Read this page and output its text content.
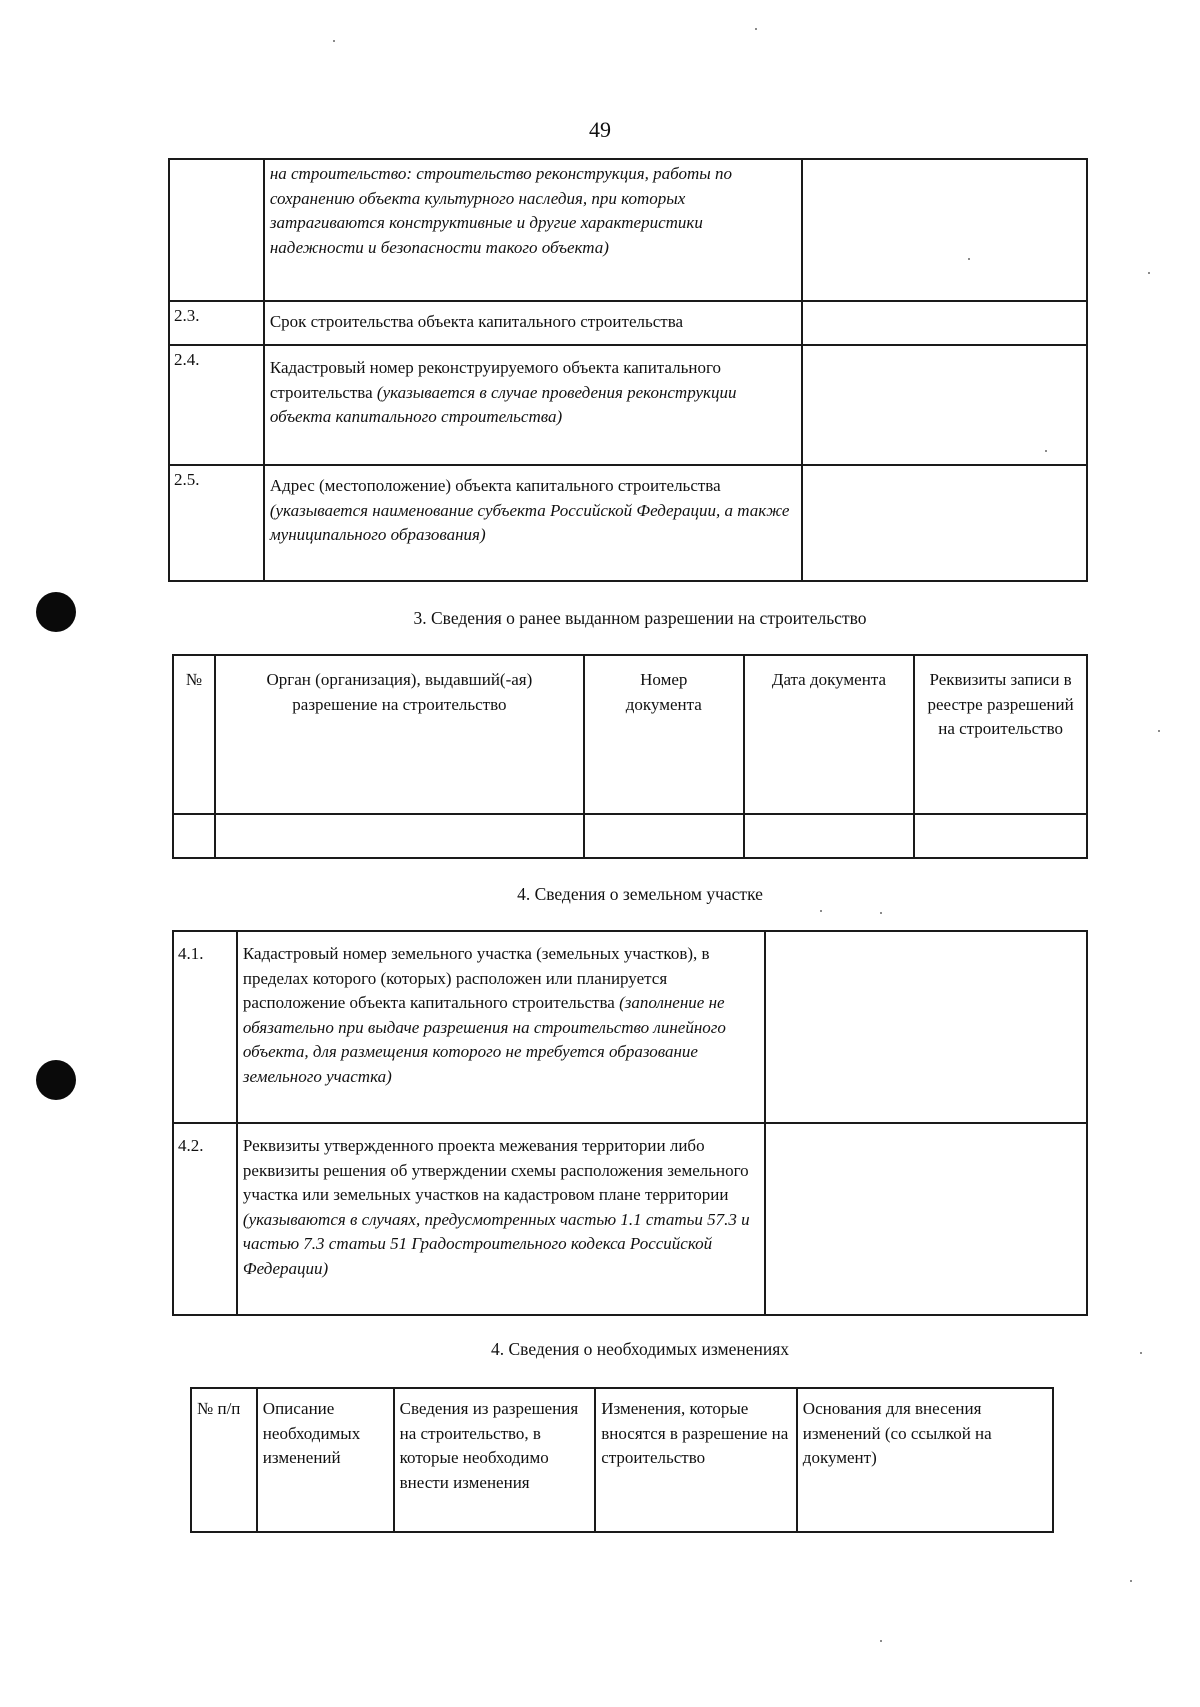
49
	на строительство: строительство реконструкция, работы по сохранению объекта культурного наследия, при которых затрагиваются конструктивные и другие характеристики надежности и безопасности такого объекта)	
2.3.	Срок строительства объекта капитального строительства	
2.4.	Кадастровый номер реконструируемого объекта капитального строительства (указывается в случае проведения реконструкции объекта капитального строительства)	
2.5.	Адрес (местоположение) объекта капитального строительства (указывается наименование субъекта Российской Федерации, а также муниципального образования)	
3. Сведения о ранее выданном разрешении на строительство
№	Орган (организация), выдавший(-ая) разрешение на строительство	Номер документа	Дата документа	Реквизиты записи в реестре разрешений на строительство

4. Сведения о земельном участке
4.1.	Кадастровый номер земельного участка (земельных участков), в пределах которого (которых) расположен или планируется расположение объекта капитального строительства (заполнение не обязательно при выдаче разрешения на строительство линейного объекта, для размещения которого не требуется образование земельного участка)	
4.2.	Реквизиты утвержденного проекта межевания территории либо реквизиты решения об утверждении схемы расположения земельного участка или земельных участков на кадастровом плане территории (указываются в случаях, предусмотренных частью 1.1 статьи 57.3 и частью 7.3 статьи 51 Градостроительного кодекса Российской Федерации)	
4. Сведения о необходимых изменениях
№ п/п	Описание необходимых изменений	Сведения из разрешения на строительство, в которые необходимо внести изменения	Изменения, которые вносятся в разрешение на строительство	Основания для внесения изменений (со ссылкой на документ)
